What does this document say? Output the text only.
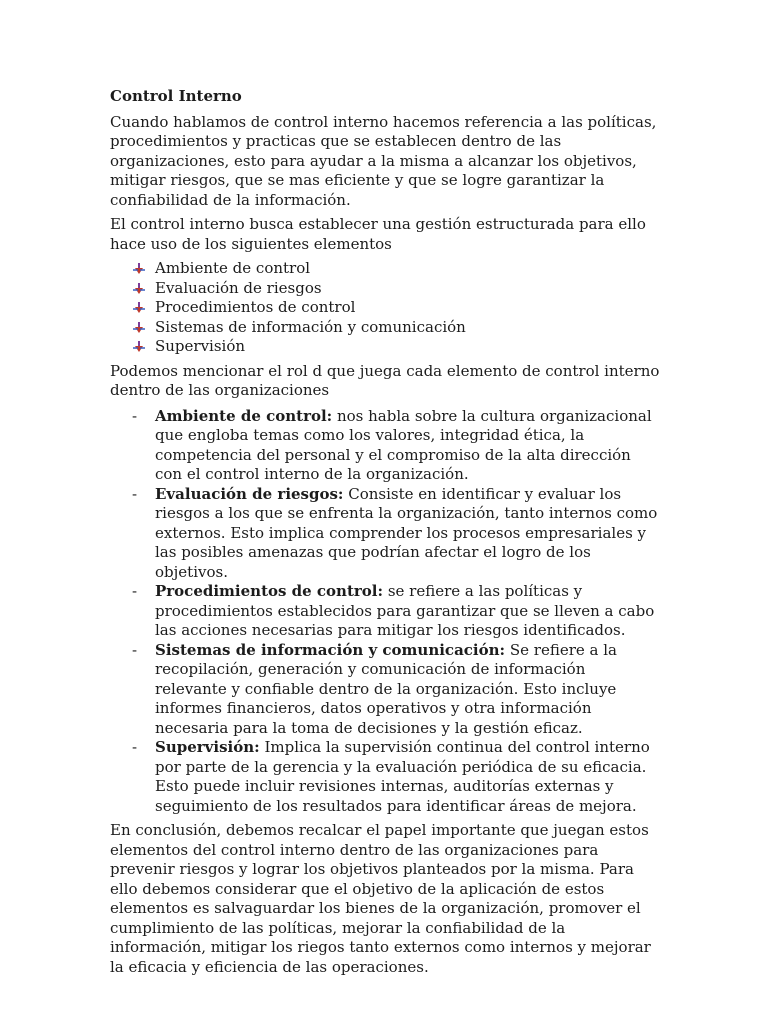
Control Interno

Cuando hablamos de control interno hacemos referencia a las políticas, procedimientos y practicas que se establecen dentro de las organizaciones, esto para ayudar a la misma a alcanzar los objetivos, mitigar riesgos, que se mas eficiente y que se logre garantizar la confiabilidad de la información.

El control interno busca establecer una gestión estructurada para ello hace uso de los siguientes elementos

Ambiente de control
Evaluación de riesgos
Procedimientos de control
Sistemas de información y comunicación
Supervisión

Podemos mencionar el rol d que juega cada elemento de control interno dentro de las organizaciones

- Ambiente de control: nos habla sobre la cultura organizacional que engloba temas como los valores, integridad ética, la competencia del personal y el compromiso de la alta dirección con el control interno de la organización.
- Evaluación de riesgos: Consiste en identificar y evaluar los riesgos a los que se enfrenta la organización, tanto internos como externos. Esto implica comprender los procesos empresariales y las posibles amenazas que podrían afectar el logro de los objetivos.
- Procedimientos de control: se refiere a las políticas y procedimientos establecidos para garantizar que se lleven a cabo las acciones necesarias para mitigar los riesgos identificados.
- Sistemas de información y comunicación: Se refiere a la recopilación, generación y comunicación de información relevante y confiable dentro de la organización. Esto incluye informes financieros, datos operativos y otra información necesaria para la toma de decisiones y la gestión eficaz.
- Supervisión: Implica la supervisión continua del control interno por parte de la gerencia y la evaluación periódica de su eficacia. Esto puede incluir revisiones internas, auditorías externas y seguimiento de los resultados para identificar áreas de mejora.

En conclusión, debemos recalcar el papel importante que juegan estos elementos del control interno dentro de las organizaciones para prevenir riesgos y lograr los objetivos planteados por la misma. Para ello debemos considerar que el objetivo de la aplicación de estos elementos es salvaguardar los bienes de la organización, promover el cumplimiento de las políticas, mejorar la confiabilidad de la información, mitigar los riegos tanto externos como internos y mejorar la eficacia y eficiencia de las operaciones.
